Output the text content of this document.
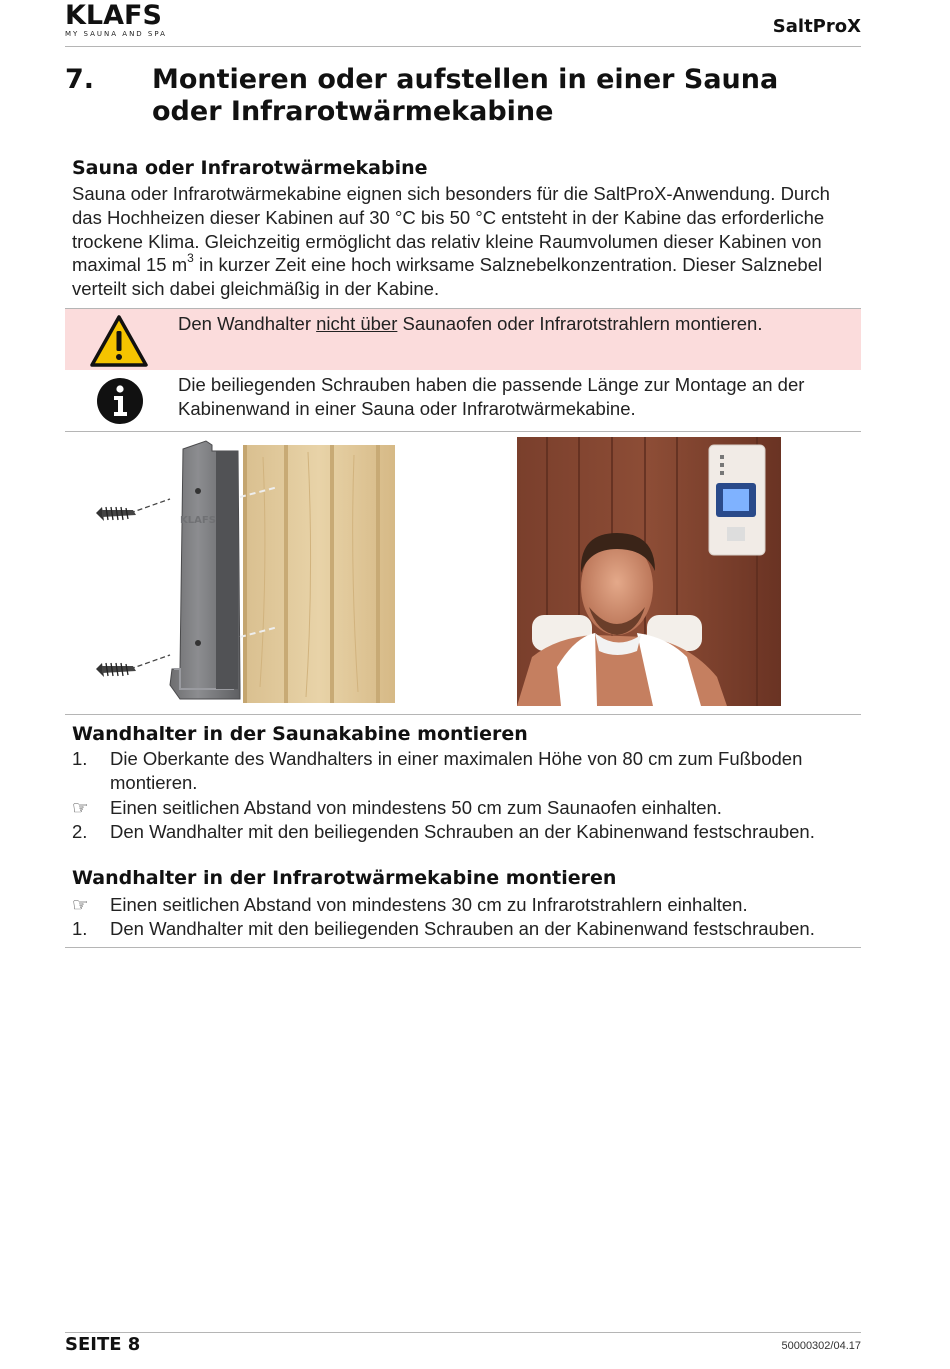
KLAFS
MY SAUNA AND SPA	SaltProX
7. Montieren oder aufstellen in einer Sauna oder Infrarotwärmekabine
Sauna oder Infrarotwärmekabine
Sauna oder Infrarotwärmekabine eignen sich besonders für die SaltProX-Anwendung. Durch das Hochheizen dieser Kabinen auf 30 °C bis 50 °C entsteht in der Kabine das erforderliche trockene Klima. Gleichzeitig ermöglicht das relativ kleine Raumvolumen dieser Kabinen von maximal 15 $m^3$ in kurzer Zeit eine hoch wirksame Salznebelkonzentration. Dieser Salznebel verteilt sich dabei gleichmäßig in der Kabine.
Den Wandhalter nicht über Saunaofen oder Infrarotstrahlern montieren.
Die beiliegenden Schrauben haben die passende Länge zur Montage an der Kabinenwand in einer Sauna oder Infrarotwärmekabine.
KLAFS
Wandhalter in der Saunakabine montieren
1.	Die Oberkante des Wandhalters in einer maximalen Höhe von 80 cm zum Fußboden montieren.
☞	Einen seitlichen Abstand von mindestens 50 cm zum Saunaofen einhalten.
2.	Den Wandhalter mit den beiliegenden Schrauben an der Kabinenwand festschrauben.
Wandhalter in der Infrarotwärmekabine montieren
☞	Einen seitlichen Abstand von mindestens 30 cm zu Infrarotstrahlern einhalten.
1.	Den Wandhalter mit den beiliegenden Schrauben an der Kabinenwand festschrauben.
SEITE 8	50000302/04.17
